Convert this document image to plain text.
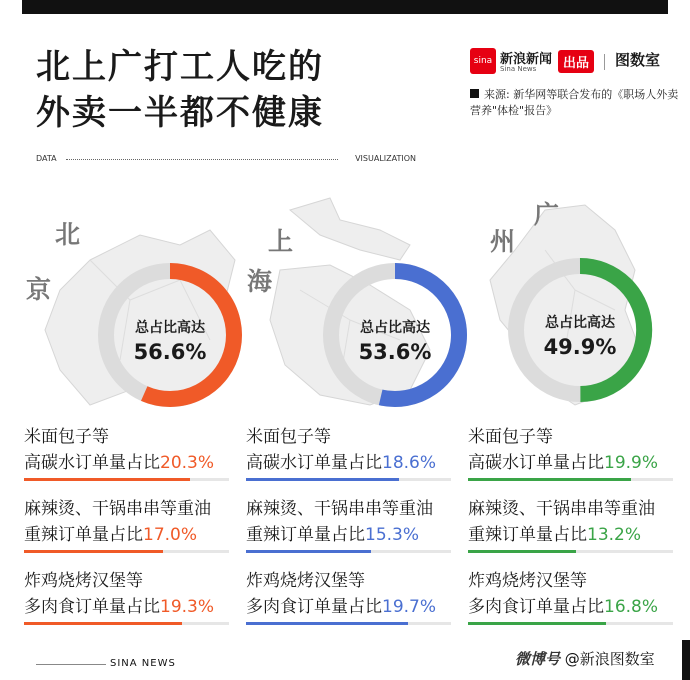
北上广打工人吃的
外卖一半都不健康
sina 新浪新闻
Sina News	出品	图数室
来源: 新华网等联合发布的《职场人外卖营养"体检"报告》
DATA	VISUALIZATION
北
京
上
海
广
州
总占比高达
56.6%
总占比高达
53.6%
总占比高达
49.9%
米面包子等
高碳水订单量占比20.3%
麻辣烫、干锅串串等重油
重辣订单量占比17.0%
炸鸡烧烤汉堡等
多肉食订单量占比19.3%
米面包子等
高碳水订单量占比18.6%
麻辣烫、干锅串串等重油
重辣订单量占比15.3%
炸鸡烧烤汉堡等
多肉食订单量占比19.7%
米面包子等
高碳水订单量占比19.9%
麻辣烫、干锅串串等重油
重辣订单量占比13.2%
炸鸡烧烤汉堡等
多肉食订单量占比16.8%
SINA NEWS	微博号 @新浪图数室
